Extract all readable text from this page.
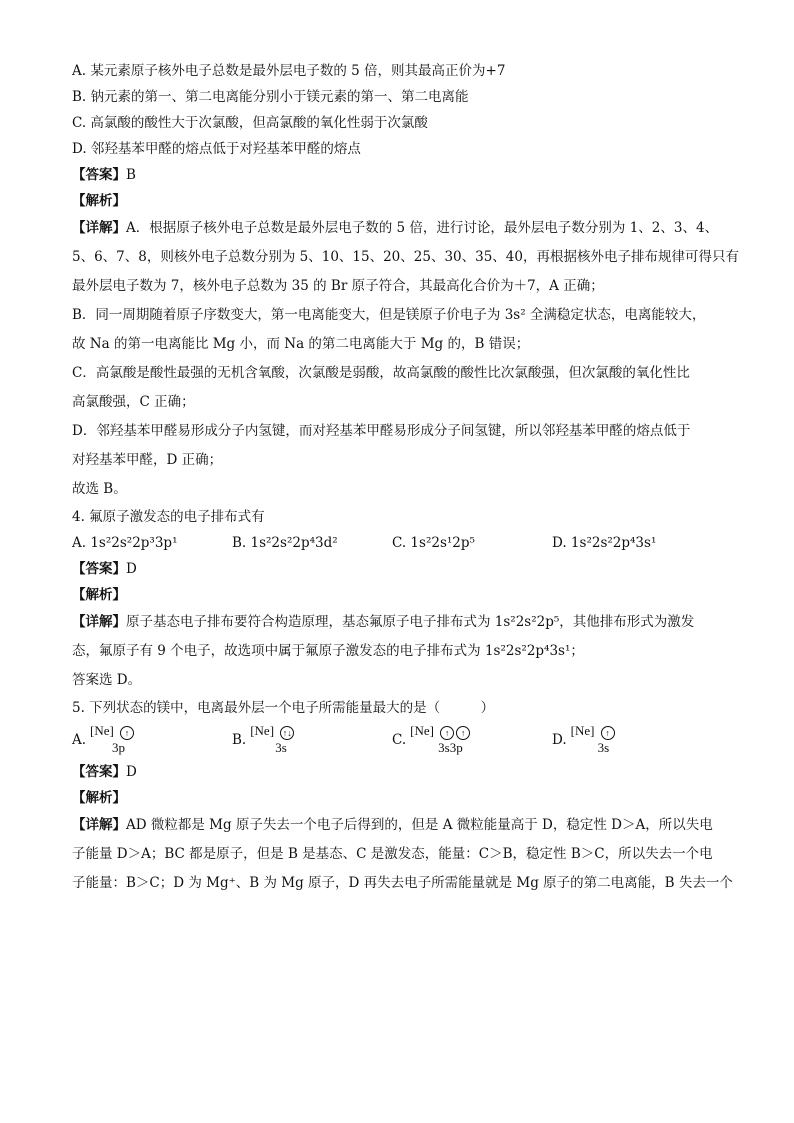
A. 某元素原子核外电子总数是最外层电子数的 5 倍，则其最高正价为+7
B. 钠元素的第一、第二电离能分别小于镁元素的第一、第二电离能
C. 高氯酸的酸性大于次氯酸，但高氯酸的氧化性弱于次氯酸
D. 邻羟基苯甲醛的熔点低于对羟基苯甲醛的熔点
【答案】B
【解析】
【详解】A．根据原子核外电子总数是最外层电子数的 5 倍，进行讨论，最外层电子数分别为 1、2、3、4、
5、6、7、8，则核外电子总数分别为 5、10、15、20、25、30、35、40，再根据核外电子排布规律可得只有
最外层电子数为 7，核外电子总数为 35 的 Br 原子符合，其最高化合价为＋7，A 正确；
B．同一周期随着原子序数变大，第一电离能变大，但是镁原子价电子为 3s² 全满稳定状态，电离能较大，
故 Na 的第一电离能比 Mg 小，而 Na 的第二电离能大于 Mg 的，B 错误；
C．高氯酸是酸性最强的无机含氧酸，次氯酸是弱酸，故高氯酸的酸性比次氯酸强，但次氯酸的氧化性比
高氯酸强，C 正确；
D．邻羟基苯甲醛易形成分子内氢键，而对羟基苯甲醛易形成分子间氢键，所以邻羟基苯甲醛的熔点低于
对羟基苯甲醛，D 正确；
故选 B。
4. 氟原子激发态的电子排布式有
A. 1s²2s²2p³3p¹	B. 1s²2s²2p⁴3d²	C. 1s²2s¹2p⁵	D. 1s²2s²2p⁴3s¹
【答案】D
【解析】
【详解】原子基态电子排布要符合构造原理，基态氟原子电子排布式为 1s²2s²2p⁵，其他排布形式为激发
态，氟原子有 9 个电子，故选项中属于氟原子激发态的电子排布式为 1s²2s²2p⁴3s¹；
答案选 D。
5. 下列状态的镁中，电离最外层一个电子所需能量最大的是（　　　）
A.
[Ne]	↑
3p	B.
[Ne] ↑↓
3s	C.
[Ne]	↑	↑
3s3p	D.
[Ne]	↑
3s
【答案】D
【解析】
【详解】AD 微粒都是 Mg 原子失去一个电子后得到的，但是 A 微粒能量高于 D，稳定性 D＞A，所以失电
子能量 D＞A；BC 都是原子，但是 B 是基态、C 是激发态，能量：C＞B，稳定性 B＞C，所以失去一个电
子能量：B＞C；D 为 Mg⁺、B 为 Mg 原子，D 再失去电子所需能量就是 Mg 原子的第二电离能，B 失去一个
